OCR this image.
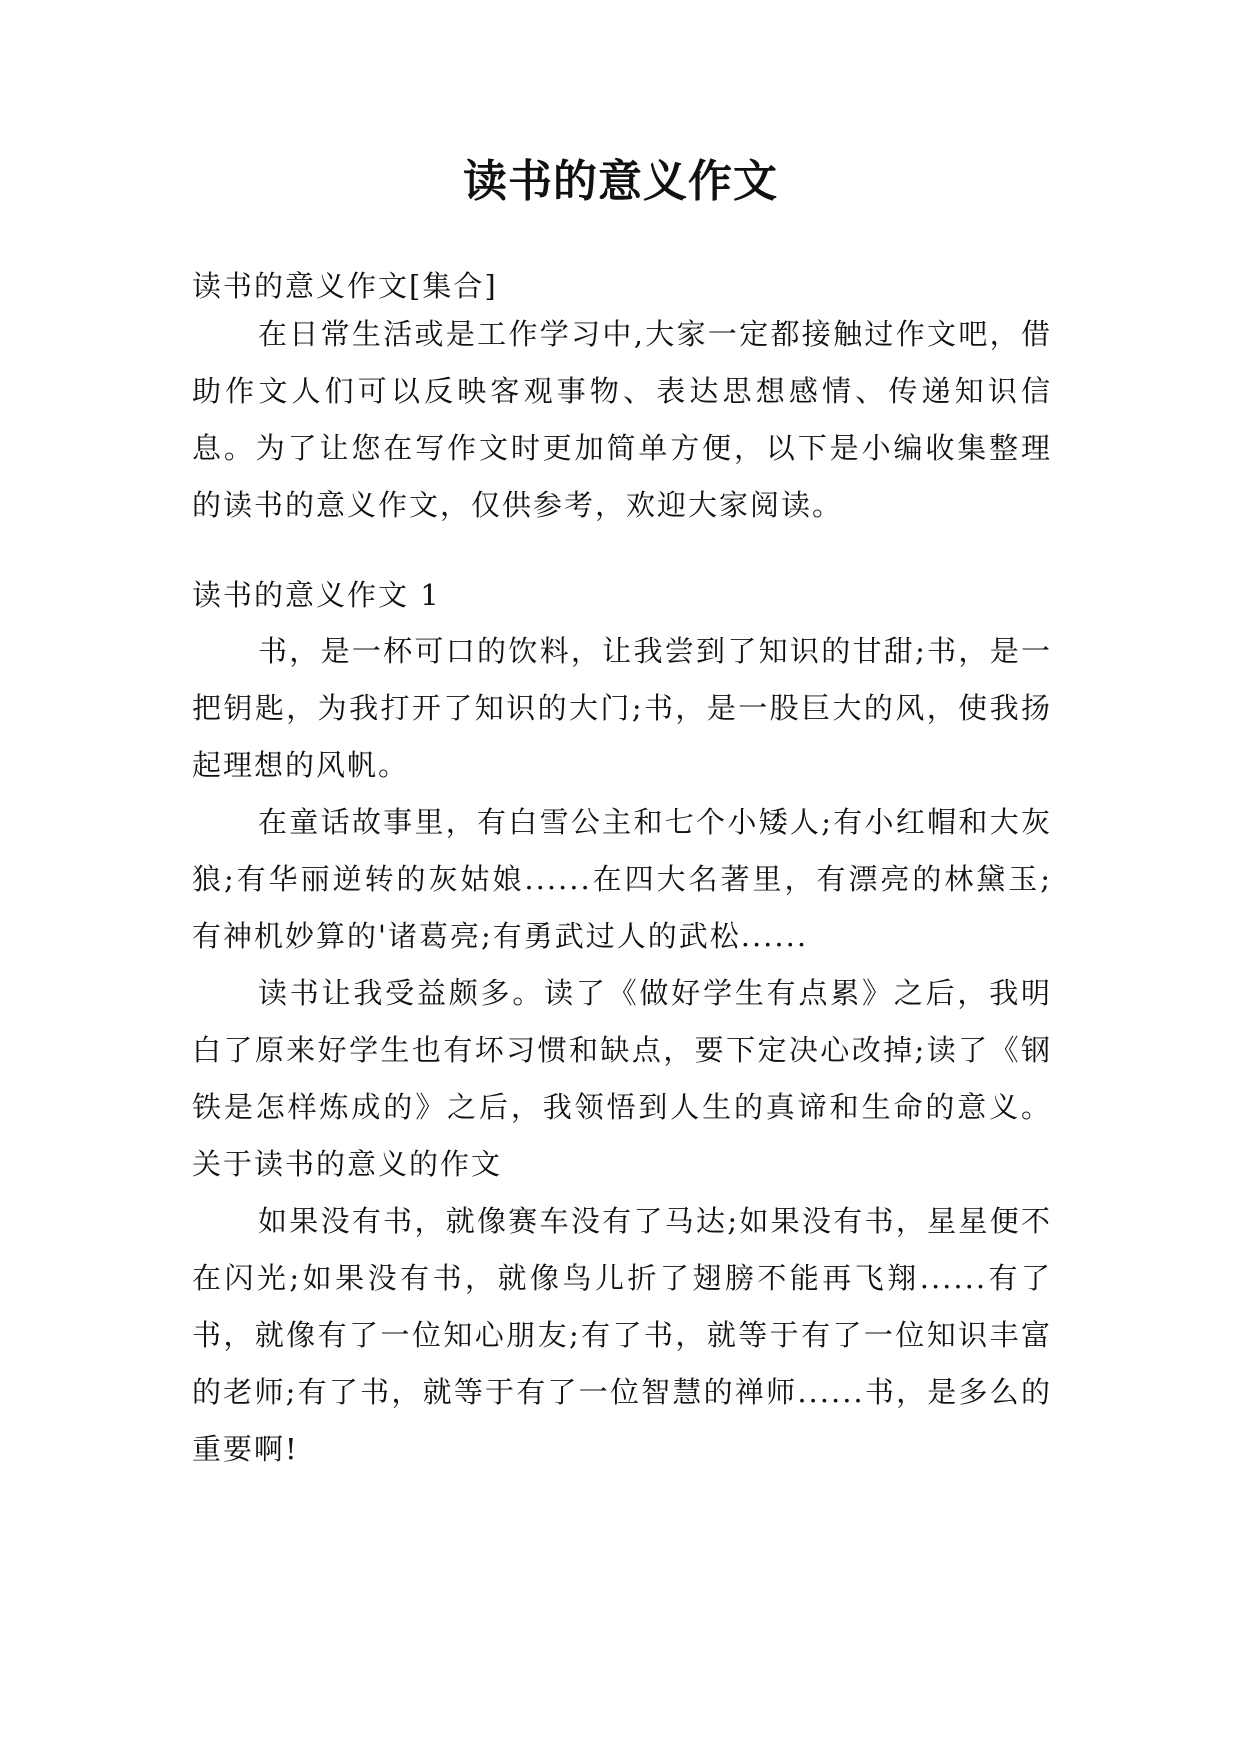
读书的意义作文
读书的意义作文[集合]

在日常生活或是工作学习中,大家一定都接触过作文吧，借助作文人们可以反映客观事物、表达思想感情、传递知识信息。为了让您在写作文时更加简单方便，以下是小编收集整理的读书的意义作文，仅供参考，欢迎大家阅读。

读书的意义作文 1

书，是一杯可口的饮料，让我尝到了知识的甘甜;书，是一把钥匙，为我打开了知识的大门;书，是一股巨大的风，使我扬起理想的风帆。

在童话故事里，有白雪公主和七个小矮人;有小红帽和大灰狼;有华丽逆转的灰姑娘......在四大名著里，有漂亮的林黛玉;有神机妙算的'诸葛亮;有勇武过人的武松......

读书让我受益颇多。读了《做好学生有点累》之后，我明白了原来好学生也有坏习惯和缺点，要下定决心改掉;读了《钢铁是怎样炼成的》之后，我领悟到人生的真谛和生命的意义。关于读书的意义的作文

如果没有书，就像赛车没有了马达;如果没有书，星星便不在闪光;如果没有书，就像鸟儿折了翅膀不能再飞翔......有了书，就像有了一位知心朋友;有了书，就等于有了一位知识丰富的老师;有了书，就等于有了一位智慧的禅师......书，是多么的重要啊!
